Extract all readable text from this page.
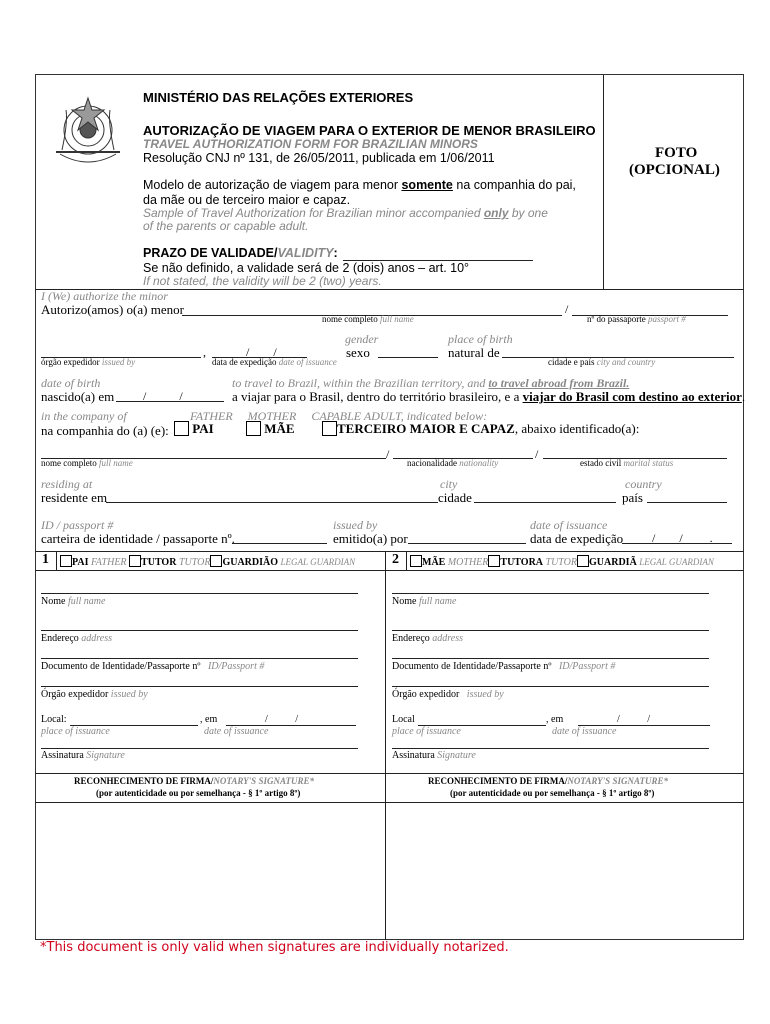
MINISTÉRIO DAS RELAÇÕES EXTERIORES
AUTORIZAÇÃO DE VIAGEM PARA O EXTERIOR DE MENOR BRASILEIRO
TRAVEL AUTHORIZATION FORM FOR BRAZILIAN MINORS
Resolução CNJ nº 131, de 26/05/2011, publicada em 1/06/2011
Modelo de autorização de viagem para menor somente na companhia do pai,
da mãe ou de terceiro maior e capaz.
Sample of Travel Authorization for Brazilian minor accompanied only by one
of the parents or capable adult.
PRAZO DE VALIDADE/VALIDITY:
Se não definido, a validade será de 2 (dois) anos – art. 10°
If not stated, the validity will be 2 (two) years.
FOTO
(OPCIONAL)
I (We) authorize the minor
Autorizo(amos) o(a) menor	/
nome completo full name	nº do passaporte passport #
gender	place of birth
,	/        /	sexo	natural de
órgão expedidor issued by	data de expedição date of issuance	cidade e país city and country
date of birth	to travel to Brazil, within the Brazilian territory, and to travel abroad from Brazil.
nascido(a) em /           /	a viajar para o Brasil, dentro do território brasileiro, e a viajar do Brasil com destino ao exterior.
in the company of	FATHER MOTHER CAPABLE ADULT, indicated below:
na companhia do (a) (e):	PAI	MÃE	TERCEIRO MAIOR E CAPAZ, abaixo identificado(a):
/	/
nome completo full name	nacionalidade nationality	estado civil marital status
residing at	city	country
residente em	cidade	país
ID / passport #	issued by	date of issuance
carteira de identidade / passaporte nº.	emitido(a) por	data de expedição /        /         .
1	PAI FATHER TUTOR TUTOR GUARDIÃO LEGAL GUARDIAN	2	MÃE MOTHER TUTORA TUTOR GUARDIÃ LEGAL GUARDIAN
Nome full name
Endereço address
Documento de Identidade/Passaporte nº ID/Passport #
Órgão expedidor issued by
Local:	, em	/           /
place of issuance	date of issuance
Assinatura Signature
Nome full name
Endereço address
Documento de Identidade/Passaporte nº ID/Passport #
Órgão expedidor issued by
Local	, em	/           /
place of issuance	date of issuance
Assinatura Signature
RECONHECIMENTO DE FIRMA/NOTARY'S SIGNATURE*
(por autenticidade ou por semelhança - § 1º artigo 8º)
RECONHECIMENTO DE FIRMA/NOTARY'S SIGNATURE*
(por autenticidade ou por semelhança - § 1º artigo 8º)
*This document is only valid when signatures are individually notarized.
